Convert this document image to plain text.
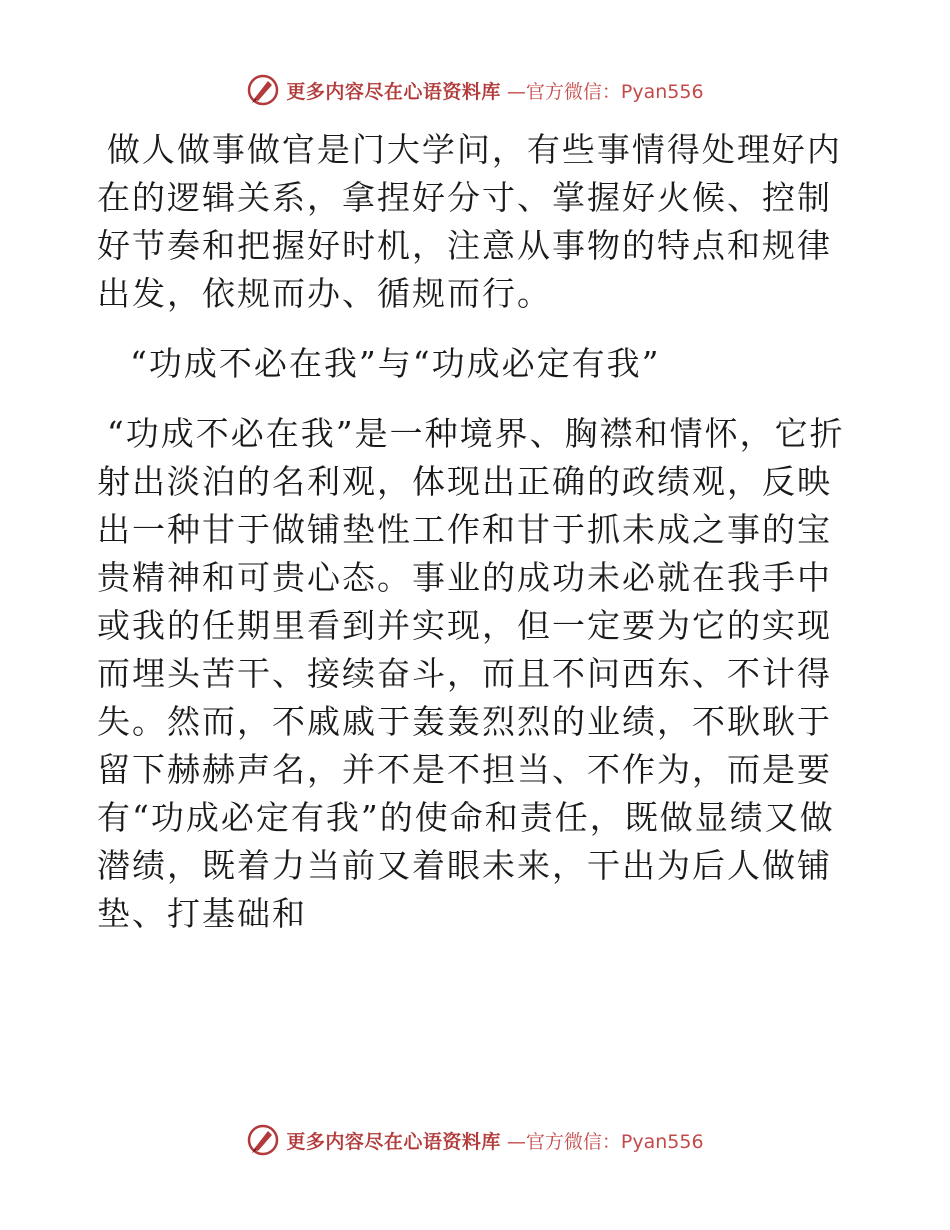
更多内容尽在心语资料库 —官方微信：Pyan556

做人做事做官是门大学问，有些事情得处理好内在的逻辑关系，拿捏好分寸、掌握好火候、控制好节奏和把握好时机，注意从事物的特点和规律出发，依规而办、循规而行。

“功成不必在我”与“功成必定有我”

“功成不必在我”是一种境界、胸襟和情怀，它折射出淡泊的名利观，体现出正确的政绩观，反映出一种甘于做铺垫性工作和甘于抓未成之事的宝贵精神和可贵心态。事业的成功未必就在我手中或我的任期里看到并实现，但一定要为它的实现而埋头苦干、接续奋斗，而且不问西东、不计得失。然而，不戚戚于轰轰烈烈的业绩，不耿耿于留下赫赫声名，并不是不担当、不作为，而是要有“功成必定有我”的使命和责任，既做显绩又做潜绩，既着力当前又着眼未来，干出为后人做铺垫、打基础和

更多内容尽在心语资料库 —官方微信：Pyan556
